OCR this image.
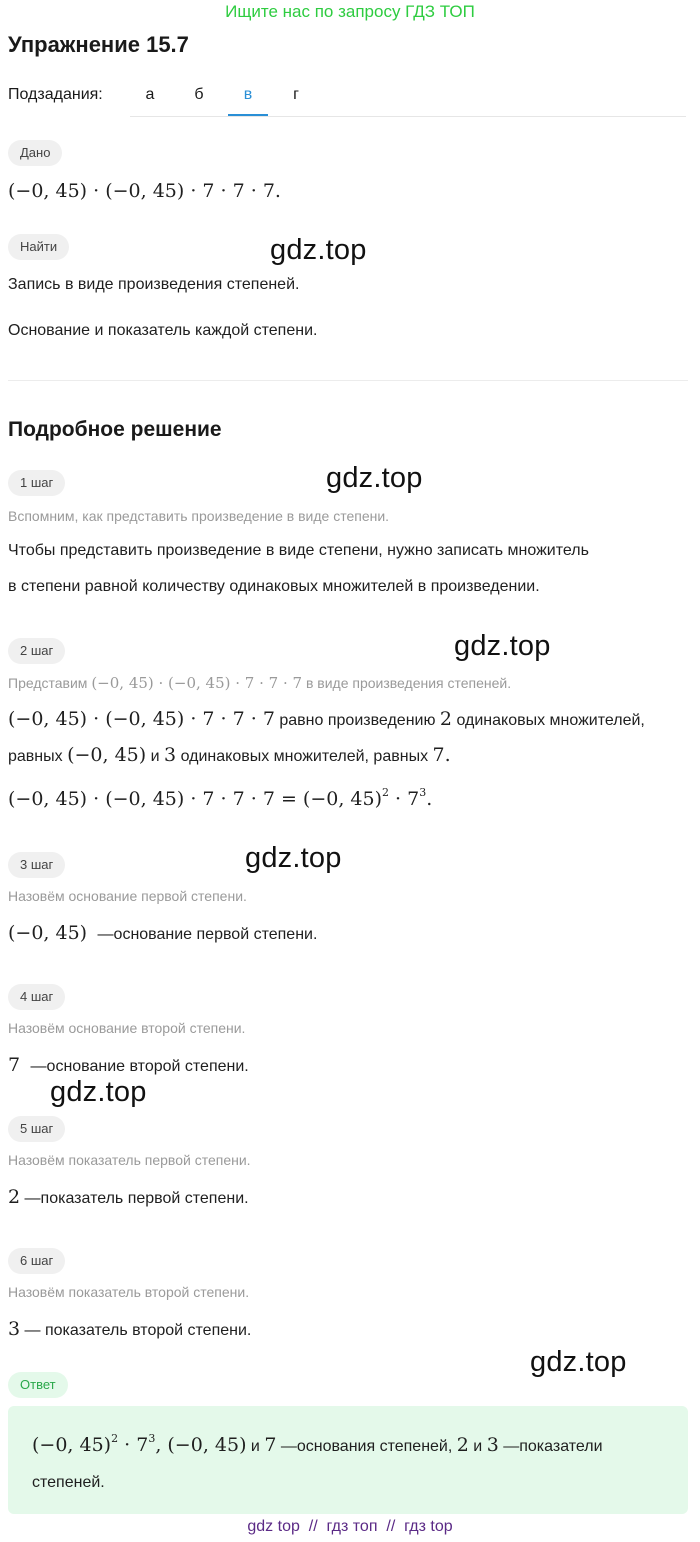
Ищите нас по запросу ГДЗ ТОП
Упражнение 15.7
Подзадания:	а	б	в	г
Дано
(−0, 45) · (−0, 45) · 7 · 7 · 7.
Найти
Запись в виде произведения степеней.
Основание и показатель каждой степени.
gdz.top
Подробное решение
1 шаг
Вспомним, как представить произведение в виде степени.
Чтобы представить произведение в виде степени, нужно записать множитель
в степени равной количеству одинаковых множителей в произведении.
gdz.top
2 шаг
Представим (−0, 45) · (−0, 45) · 7 · 7 · 7 в виде произведения степеней.
gdz.top
(−0, 45) · (−0, 45) · 7 · 7 · 7 равно произведению 2 одинаковых множителей,
равных (−0, 45) и 3 одинаковых множителей, равных 7.
(−0, 45) · (−0, 45) · 7 · 7 · 7 = (−0, $45)^2 \cdot 7^3$.
3 шаг	gdz.top
Назовём основание первой степени.
(−0, 45) —основание первой степени.
4 шаг
Назовём основание второй степени.
7 —основание второй степени.
gdz.top
5 шаг
Назовём показатель первой степени.
2 —показатель первой степени.
6 шаг
Назовём показатель второй степени.
3 — показатель второй степени.
gdz.top
Ответ
(−0, $45)^2 \cdot 7^3$, (−0, 45) и 7 —основания степеней, 2 и 3 —показатели
степеней.
gdz top  //  гдз топ  //  гдз top
